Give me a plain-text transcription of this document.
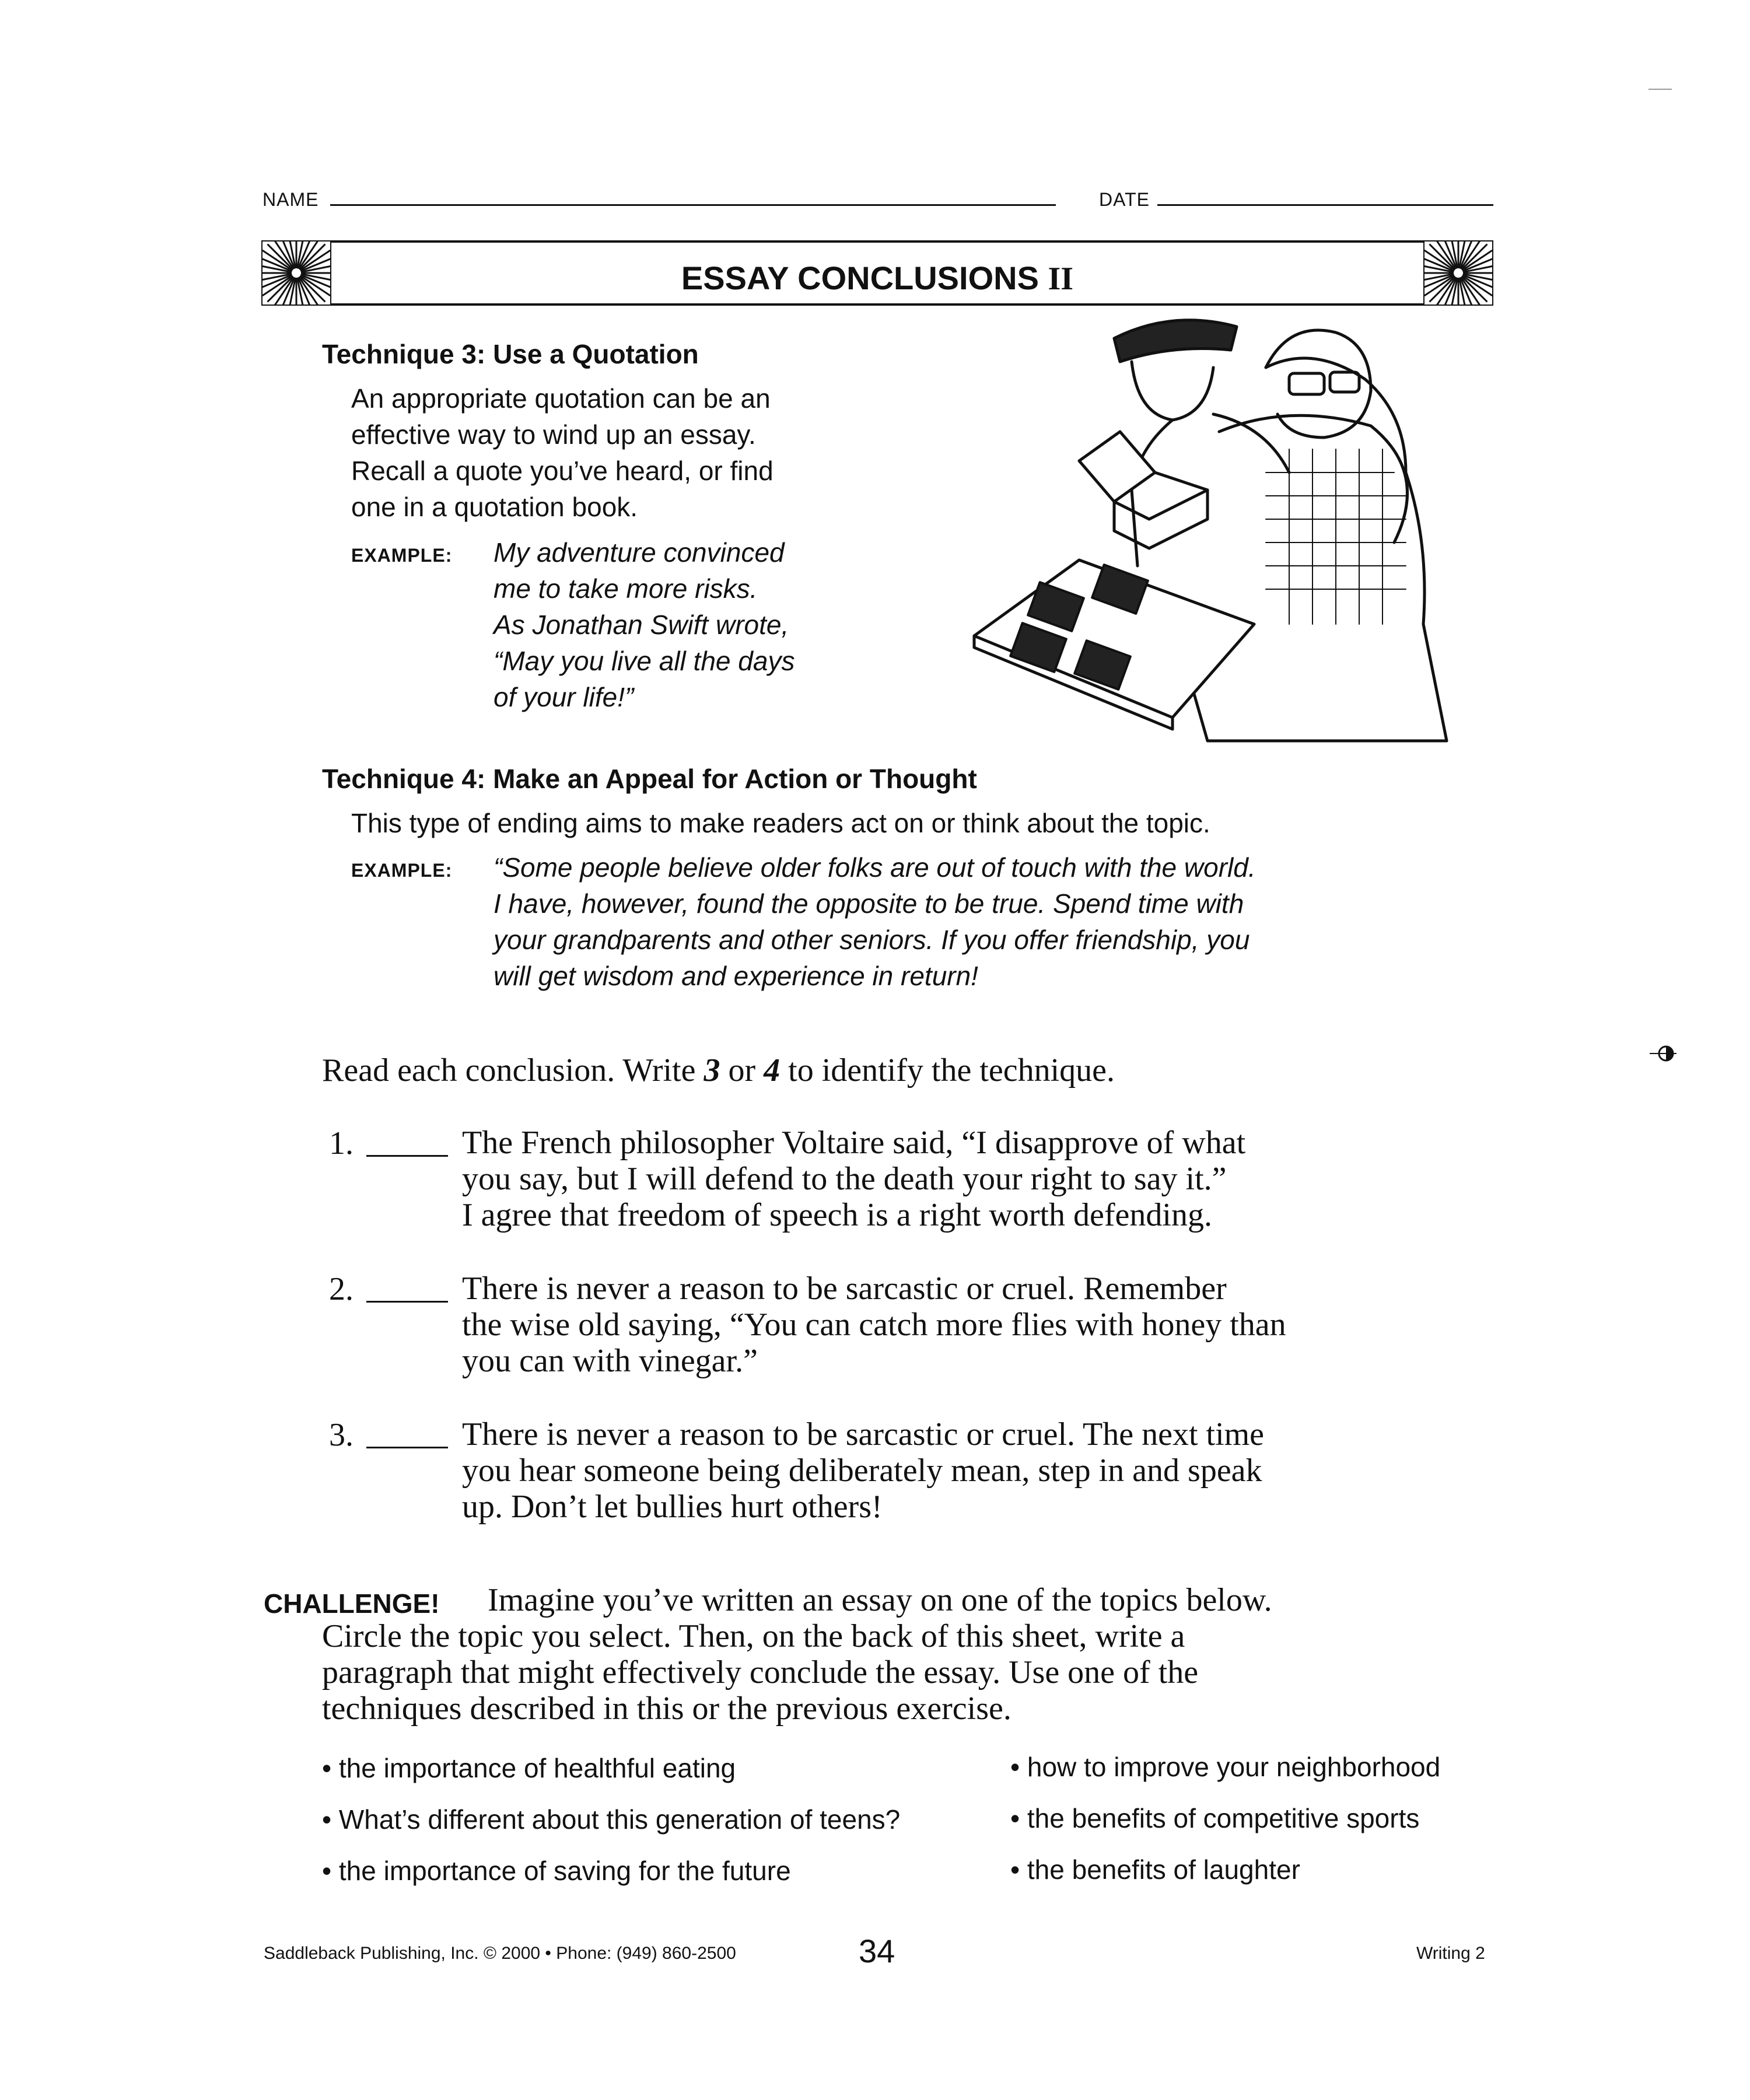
NAME	DATE
ESSAY CONCLUSIONS II
Technique 3: Use a Quotation
An appropriate quotation can be an
effective way to wind up an essay.
Recall a quote you’ve heard, or find
one in a quotation book.
EXAMPLE: My adventure convinced
me to take more risks.
As Jonathan Swift wrote,
“May you live all the days
of your life!”
Technique 4: Make an Appeal for Action or Thought
This type of ending aims to make readers act on or think about the topic.
EXAMPLE: “Some people believe older folks are out of touch with the world.
I have, however, found the opposite to be true. Spend time with
your grandparents and other seniors. If you offer friendship, you
will get wisdom and experience in return!
Read each conclusion. Write 3 or 4 to identify the technique.
1.	The French philosopher Voltaire said, “I disapprove of what
you say, but I will defend to the death your right to say it.”
I agree that freedom of speech is a right worth defending.
2.	There is never a reason to be sarcastic or cruel. Remember
the wise old saying, “You can catch more flies with honey than
you can with vinegar.”
3.	There is never a reason to be sarcastic or cruel. The next time
you hear someone being deliberately mean, step in and speak
up. Don’t let bullies hurt others!
CHALLENGE! Imagine you’ve written an essay on one of the topics below.
Circle the topic you select. Then, on the back of this sheet, write a
paragraph that might effectively conclude the essay. Use one of the
techniques described in this or the previous exercise.
• the importance of healthful eating
• What’s different about this generation of teens?
• the importance of saving for the future
• how to improve your neighborhood
• the benefits of competitive sports
• the benefits of laughter
Saddleback Publishing, Inc. © 2000 • Phone: (949) 860-2500	34	Writing 2
